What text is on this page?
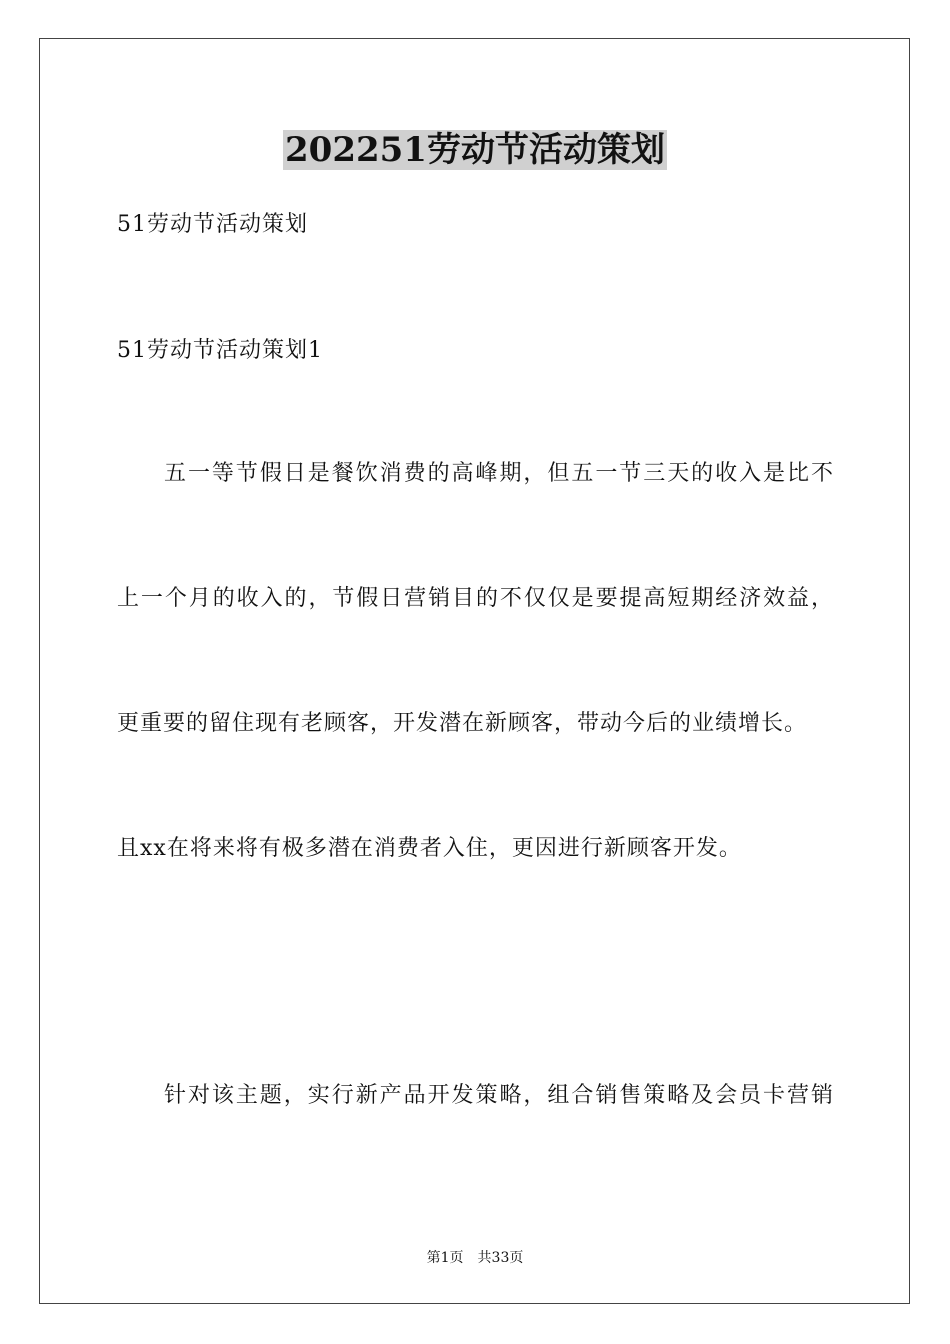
202251劳动节活动策划
51劳动节活动策划
51劳动节活动策划1
五一等节假日是餐饮消费的高峰期，但五一节三天的收入是比不
上一个月的收入的，节假日营销目的不仅仅是要提高短期经济效益，
更重要的留住现有老顾客，开发潜在新顾客，带动今后的业绩增长。
且xx在将来将有极多潜在消费者入住，更因进行新顾客开发。
针对该主题，实行新产品开发策略，组合销售策略及会员卡营销
第1页 共33页
